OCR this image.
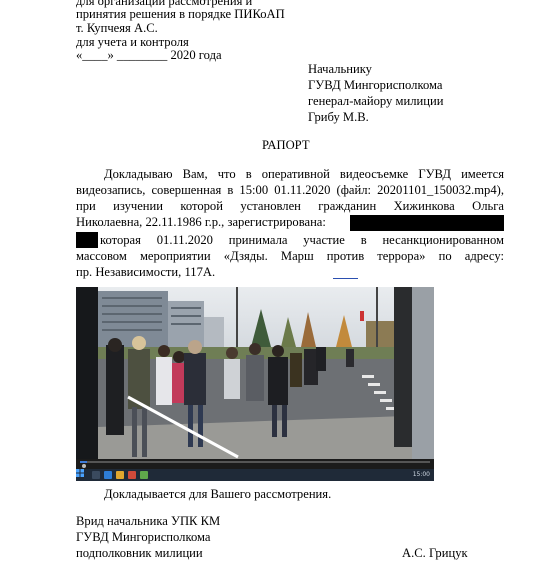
для организации рассмотрения и
принятия решения в порядке ПИКоАП
т. Купчеяя А.С.
для учета и контроля
«____» ________ 2020 года
Начальнику
ГУВД Мингорисполкома
генерал-майору милиции
Грибу М.В.
РАПОРТ
Докладываю Вам, что в оперативной видеосъемке ГУВД имеется
видеозапись, совершенная в 15:00 01.11.2020 (файл: 20201101_150032.mp4),
при изучении которой установлен гражданин Хижинкова Ольга
Николаевна, 22.11.1986 г.р., зарегистрирована:
которая 01.11.2020 принимала участие в несанкционированном
массовом мероприятии «Дзяды. Марш против террора» по адресу:
пр. Независимости, 117А.
15:00
Докладывается для Вашего рассмотрения.
Врид начальника УПК КМ
ГУВД Мингорисполкома
подполковник милиции	А.С. Грицук
